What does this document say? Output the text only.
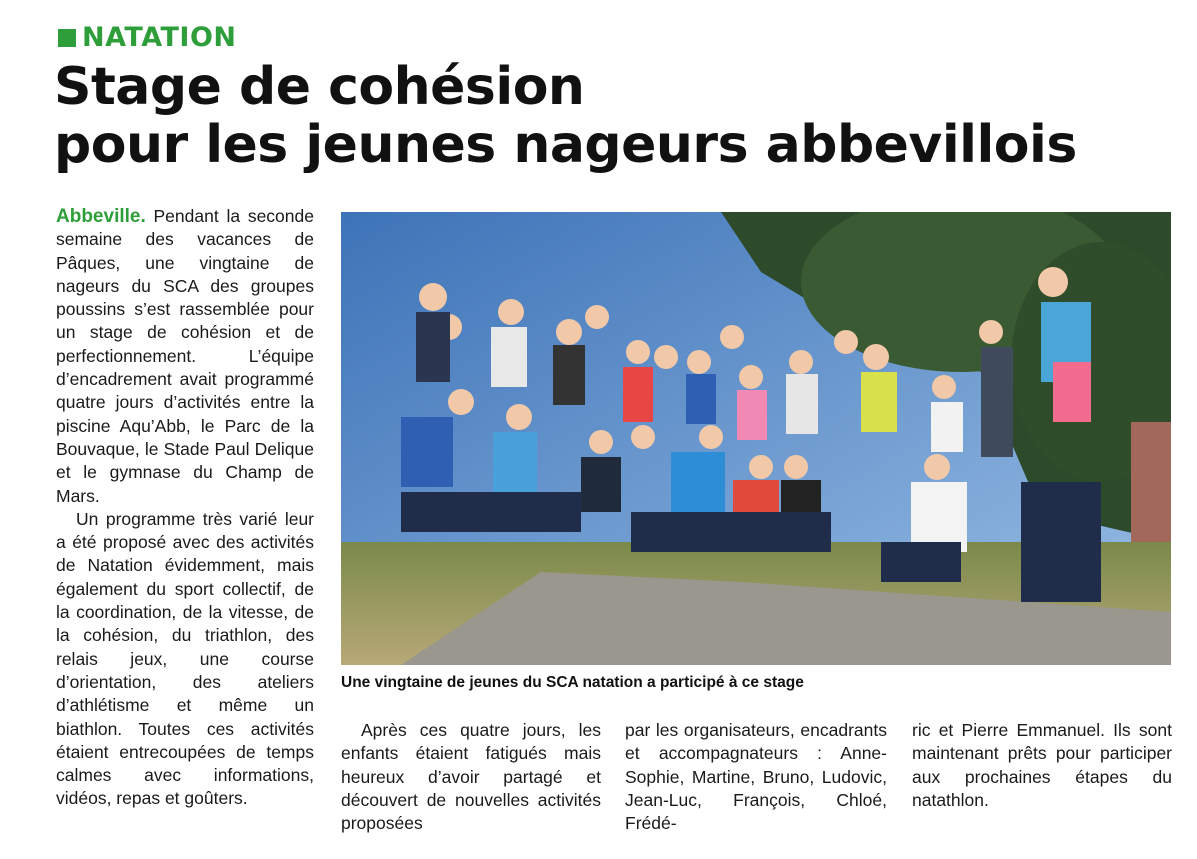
NATATION
Stage de cohésion
pour les jeunes nageurs abbevillois

Abbeville. Pendant la seconde semaine des vacances de Pâques, une vingtaine de nageurs du SCA des groupes poussins s’est rassemblée pour un stage de cohésion et de perfectionnement. L’équipe d’encadrement avait programmé quatre jours d’activités entre la piscine Aqu’Abb, le Parc de la Bouvaque, le Stade Paul Delique et le gymnase du Champ de Mars.

Un programme très varié leur a été proposé avec des activités de Natation évidemment, mais également du sport collectif, de la coordination, de la vitesse, de la cohésion, du triathlon, des relais jeux, une course d’orientation, des ateliers d’athlétisme et même un biathlon. Toutes ces activités étaient entrecoupées de temps calmes avec informations, vidéos, repas et goûters.

Une vingtaine de jeunes du SCA natation a participé à ce stage

Après ces quatre jours, les enfants étaient fatigués mais heureux d’avoir partagé et découvert de nouvelles activités proposées

par les organisateurs, encadrants et accompagnateurs : Anne-Sophie, Martine, Bruno, Ludovic, Jean-Luc, François, Chloé, Frédé-

ric et Pierre Emmanuel. Ils sont maintenant prêts pour participer aux prochaines étapes du natathlon.
